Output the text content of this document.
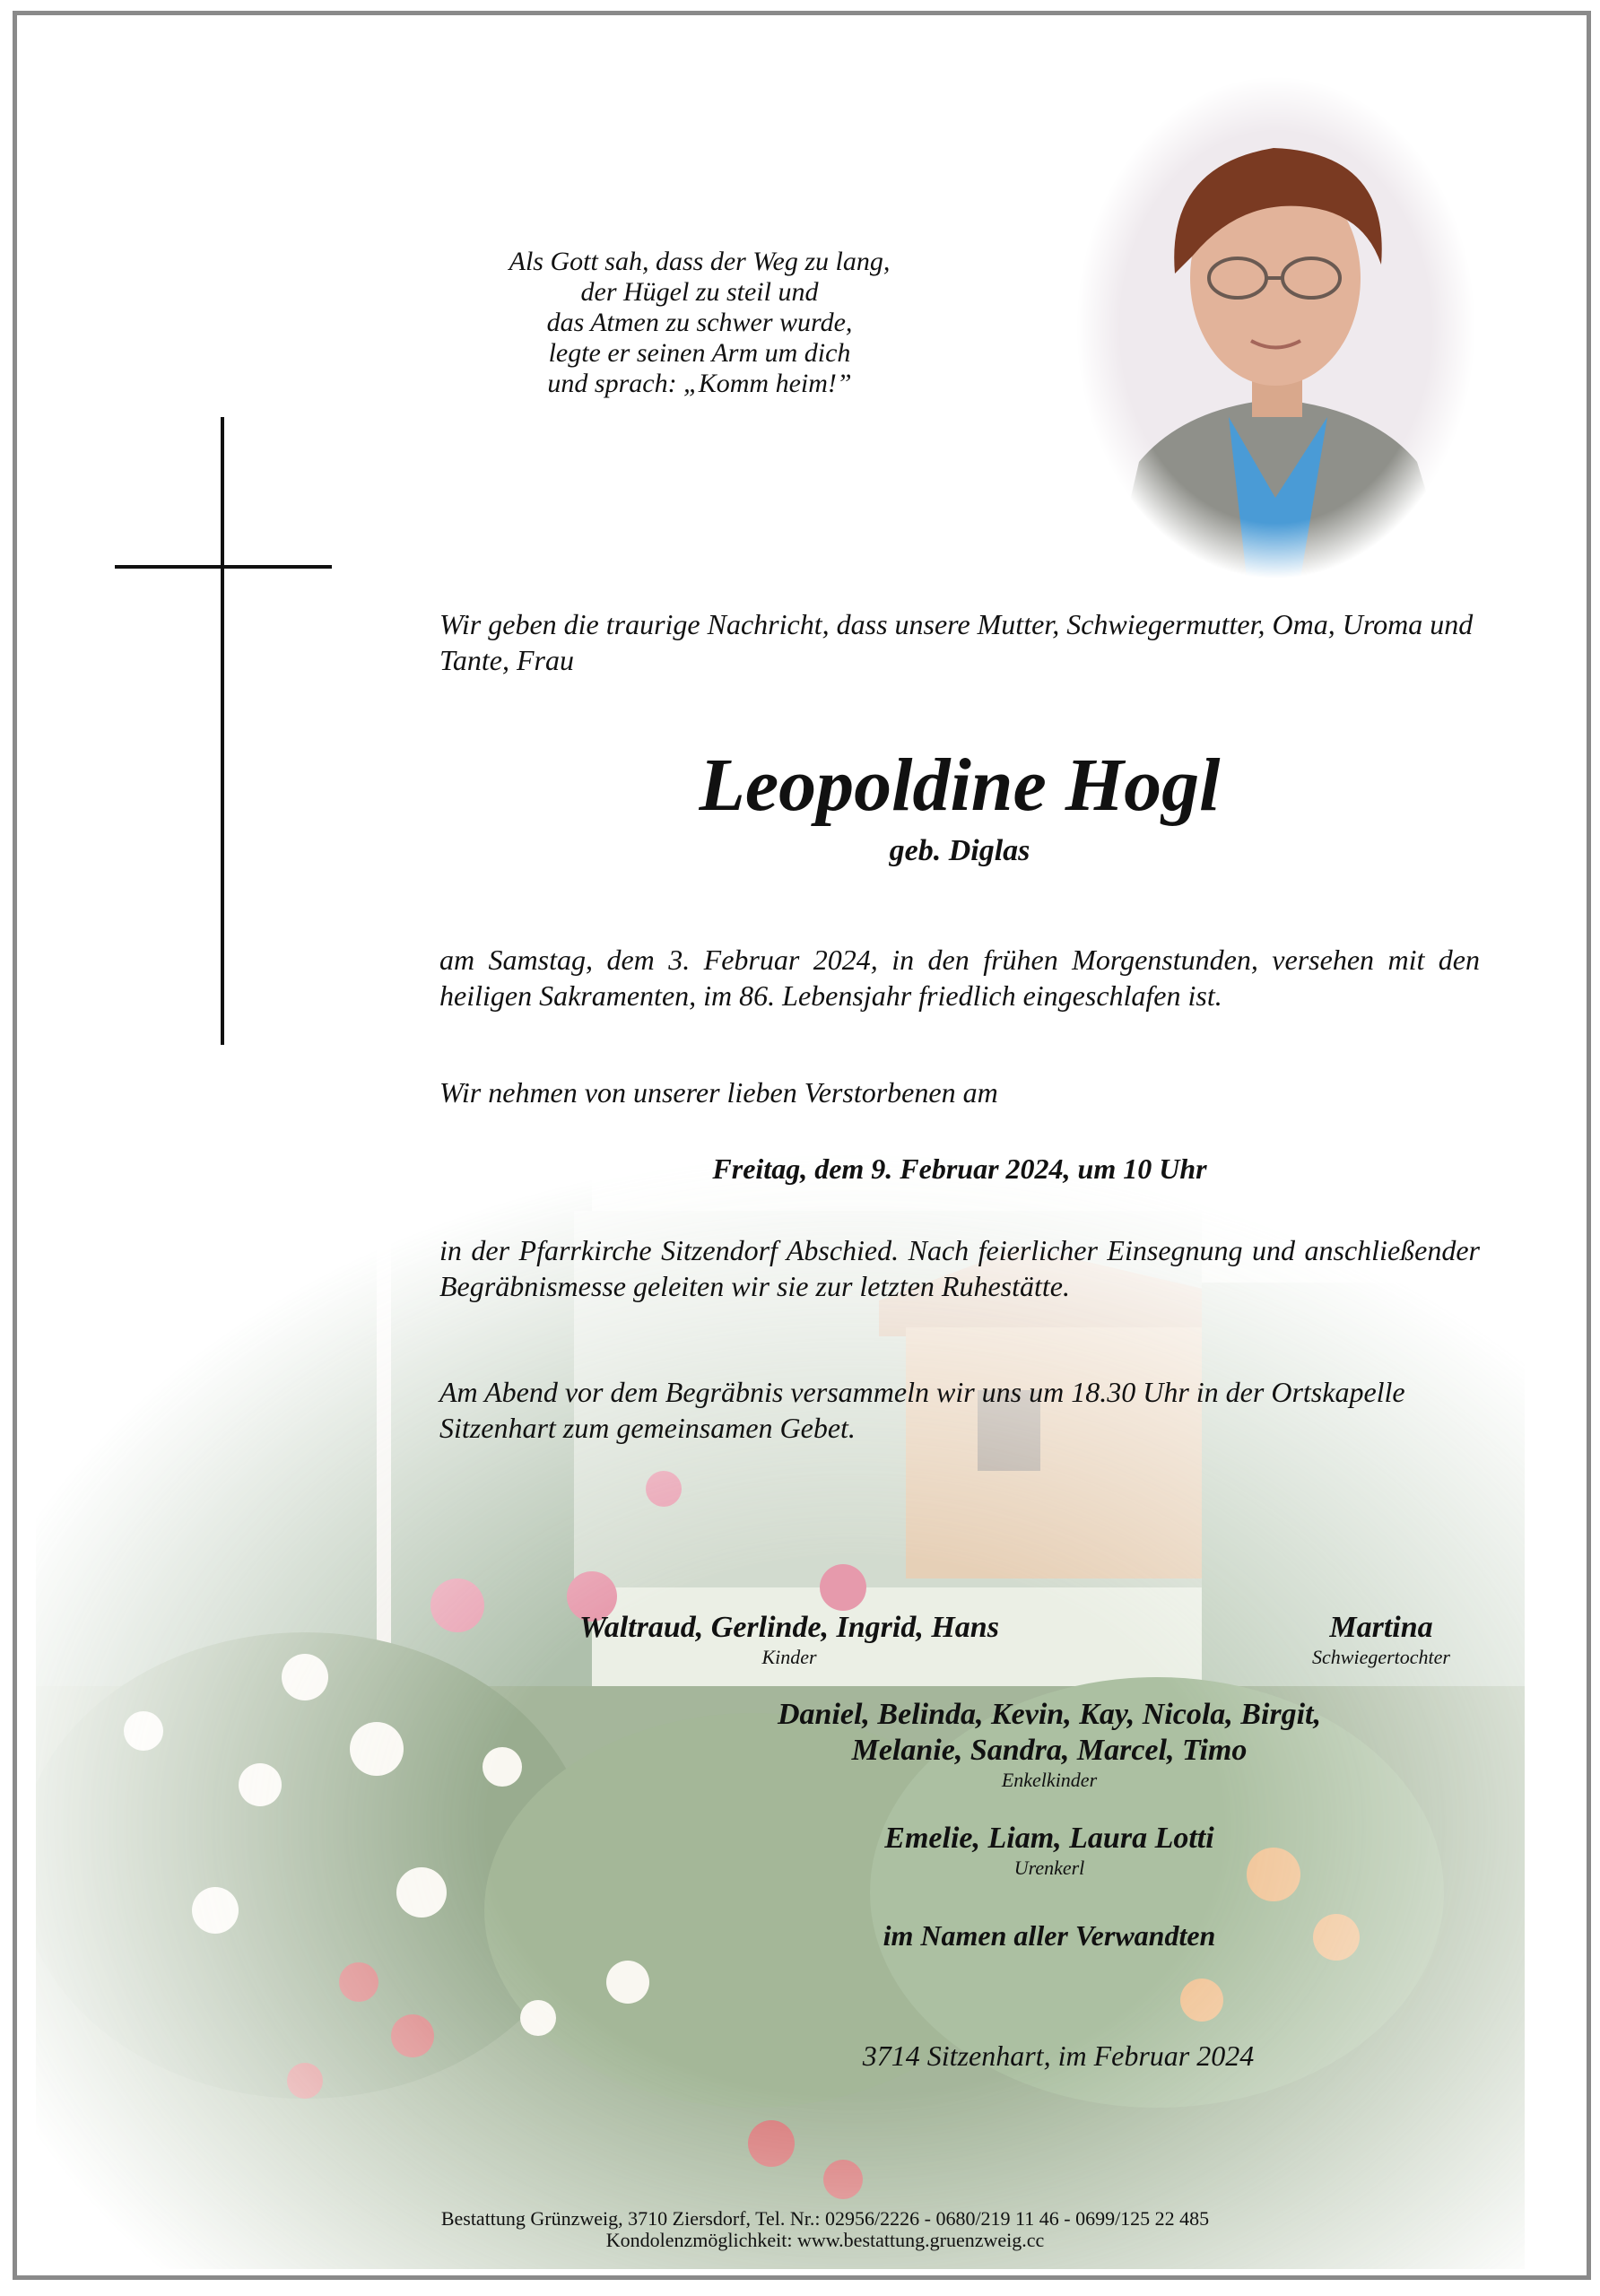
Als Gott sah, dass der Weg zu lang,
der Hügel zu steil und
das Atmen zu schwer wurde,
legte er seinen Arm um dich
und sprach: „Komm heim!”
Wir geben die traurige Nachricht, dass unsere Mutter, Schwiegermutter, Oma, Uroma und Tante, Frau
Leopoldine Hogl
geb. Diglas
am Samstag, dem 3. Februar 2024, in den frühen Morgenstunden, versehen mit den heiligen Sakramenten, im 86. Lebensjahr friedlich eingeschlafen ist.
Wir nehmen von unserer lieben Verstorbenen am
Freitag, dem 9. Februar 2024, um 10 Uhr
in der Pfarrkirche Sitzendorf Abschied. Nach feierlicher Einsegnung und anschließender Begräbnismesse geleiten wir sie zur letzten Ruhestätte.
Am Abend vor dem Begräbnis versammeln wir uns um 18.30 Uhr in der Ortskapelle Sitzenhart zum gemeinsamen Gebet.
Waltraud, Gerlinde, Ingrid, Hans
Kinder
Martina
Schwiegertochter
Daniel, Belinda, Kevin, Kay, Nicola, Birgit,
Melanie, Sandra, Marcel, Timo
Enkelkinder
Emelie, Liam, Laura Lotti
Urenkerl
im Namen aller Verwandten
3714 Sitzenhart, im Februar 2024
Bestattung Grünzweig, 3710 Ziersdorf, Tel. Nr.: 02956/2226 - 0680/219 11 46 - 0699/125 22 485
Kondolenzmöglichkeit: www.bestattung.gruenzweig.cc
